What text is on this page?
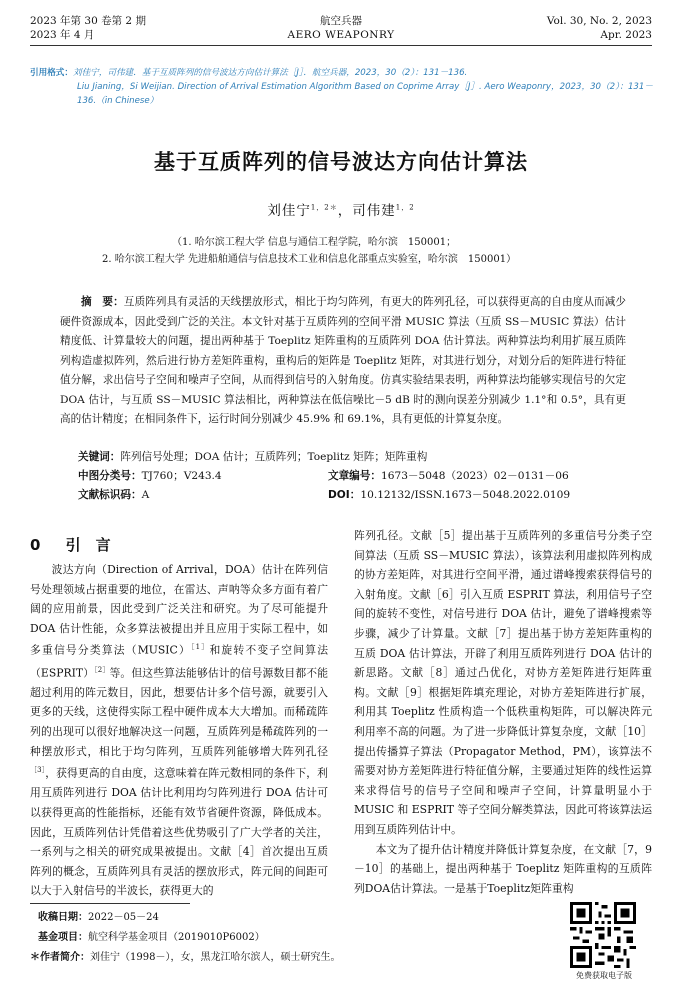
2023 年第 30 卷第 2 期
2023 年 4 月
航空兵器
AERO WEAPONRY
Vol. 30, No. 2, 2023
Apr. 2023
引用格式：刘佳宁，司伟建．基于互质阵列的信号波达方向估计算法［J］．航空兵器，2023，30（2）：131－136.
Liu Jianing，Si Weijian. Direction of Arrival Estimation Algorithm Based on Coprime Array［J］. Aero Weaponry，2023，30（2）：131－
136.（in Chinese）
基于互质阵列的信号波达方向估计算法
刘佳宁$^{1,2*}$，司伟建$^{1,2}$
（1. 哈尔滨工程大学 信息与通信工程学院，哈尔滨　150001；
2. 哈尔滨工程大学 先进船舶通信与信息技术工业和信息化部重点实验室，哈尔滨　150001）
摘　要：互质阵列具有灵活的天线摆放形式，相比于均匀阵列，有更大的阵列孔径，可以获得更高的自由度从而减少硬件资源成本，因此受到广泛的关注。本文针对基于互质阵列的空间平滑 MUSIC 算法（互质 SS－MUSIC 算法）估计精度低、计算量较大的问题，提出两种基于 Toeplitz 矩阵重构的互质阵列 DOA 估计算法。两种算法均利用扩展互质阵列构造虚拟阵列，然后进行协方差矩阵重构，重构后的矩阵是 Toeplitz 矩阵，对其进行划分，对划分后的矩阵进行特征值分解，求出信号子空间和噪声子空间，从而得到信号的入射角度。仿真实验结果表明，两种算法均能够实现信号的欠定 DOA 估计，与互质 SS－MUSIC 算法相比，两种算法在低信噪比－5 dB 时的测向误差分别减少 1.1°和 0.5°，具有更高的估计精度；在相同条件下，运行时间分别减少 45.9% 和 69.1%，具有更低的计算复杂度。
关键词：阵列信号处理；DOA 估计；互质阵列；Toeplitz 矩阵；矩阵重构
中图分类号：TJ760；V243.4	文章编号：1673－5048（2023）02－0131－06
文献标识码：A	DOI：10.12132/ISSN.1673－5048.2022.0109
0 引　言

波达方向（Direction of Arrival，DOA）估计在阵列信号处理领域占据重要的地位，在雷达、声呐等众多方面有着广阔的应用前景，因此受到广泛关注和研究。为了尽可能提升 DOA 估计性能，众多算法被提出并且应用于实际工程中，如多重信号分类算法（MUSIC）$^{[1]}$和旋转不变子空间算法（ESPRIT）$^{[2]}$等。但这些算法能够估计的信号源数目都不能超过利用的阵元数目，因此，想要估计多个信号源，就要引入更多的天线，这使得实际工程中硬件成本大大增加。而稀疏阵列的出现可以很好地解决这一问题，互质阵列是稀疏阵列的一种摆放形式，相比于均匀阵列，互质阵列能够增大阵列孔径$^{[3]}$，获得更高的自由度，这意味着在阵元数相同的条件下，利用互质阵列进行 DOA 估计比利用均匀阵列进行 DOA 估计可以获得更高的性能指标，还能有效节省硬件资源，降低成本。因此，互质阵列估计凭借着这些优势吸引了广大学者的关注，一系列与之相关的研究成果被提出。文献［4］首次提出互质阵列的概念，互质阵列具有灵活的摆放形式，阵元间的间距可以大于入射信号的半波长，获得更大的

阵列孔径。文献［5］提出基于互质阵列的多重信号分类子空间算法（互质 SS－MUSIC 算法），该算法利用虚拟阵列构成的协方差矩阵，对其进行空间平滑，通过谱峰搜索获得信号的入射角度。文献［6］引入互质 ESPRIT 算法，利用信号子空间的旋转不变性，对信号进行 DOA 估计，避免了谱峰搜索等步骤，减少了计算量。文献［7］提出基于协方差矩阵重构的互质 DOA 估计算法，开辟了利用互质阵列进行 DOA 估计的新思路。文献［8］通过凸优化，对协方差矩阵进行矩阵重构。文献［9］根据矩阵填充理论，对协方差矩阵进行扩展，利用其 Toeplitz 性质构造一个低秩重构矩阵，可以解决阵元利用率不高的问题。为了进一步降低计算复杂度，文献［10］提出传播算子算法（Propagator Method，PM），该算法不需要对协方差矩阵进行特征值分解，主要通过矩阵的线性运算来求得信号的信号子空间和噪声子空间，计算量明显小于 MUSIC 和 ESPRIT 等子空间分解类算法，因此可将该算法运用到互质阵列估计中。

本文为了提升估计精度并降低计算复杂度，在文献［7，9－10］的基础上，提出两种基于 Toeplitz 矩阵重构的互质阵列DOA估计算法。一是基于Toeplitz矩阵重构

收稿日期：2022－05－24
基金项目：航空科学基金项目（2019010P6002）
＊作者简介：刘佳宁（1998－），女，黑龙江哈尔滨人，硕士研究生。
免费获取电子版
